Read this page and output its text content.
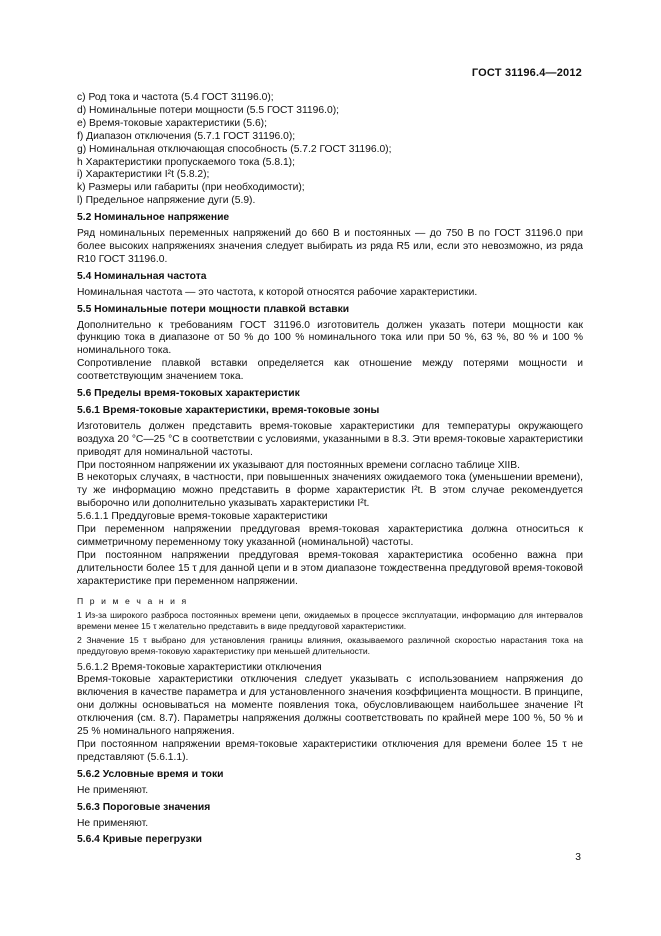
ГОСТ 31196.4—2012
c) Род тока и частота (5.4 ГОСТ 31196.0);
d) Номинальные потери мощности (5.5 ГОСТ 31196.0);
e) Время-токовые характеристики (5.6);
f) Диапазон отключения (5.7.1 ГОСТ 31196.0);
g) Номинальная отключающая способность (5.7.2 ГОСТ 31196.0);
h Характеристики пропускаемого тока (5.8.1);
i) Характеристики I²t (5.8.2);
k) Размеры или габариты (при необходимости);
l) Предельное напряжение дуги (5.9).
5.2 Номинальное напряжение

Ряд номинальных переменных напряжений до 660 В и постоянных — до 750 В по ГОСТ 31196.0 при более высоких напряжениях значения следует выбирать из ряда R5 или, если это невозможно, из ряда R10 ГОСТ 31196.0.

5.4 Номинальная частота

Номинальная частота — это частота, к которой относятся рабочие характеристики.

5.5 Номинальные потери мощности плавкой вставки

Дополнительно к требованиям ГОСТ 31196.0 изготовитель должен указать потери мощности как функцию тока в диапазоне от 50 % до 100 % номинального тока или при 50 %, 63 %, 80 % и 100 % номинального тока.

Сопротивление плавкой вставки определяется как отношение между потерями мощности и соответствующим значением тока.

5.6 Пределы время-токовых характеристик
5.6.1 Время-токовые характеристики, время-токовые зоны

Изготовитель должен представить время-токовые характеристики для температуры окружающего воздуха 20 °С—25 °С в соответствии с условиями, указанными в 8.3. Эти время-токовые характеристики приводят для номинальной частоты.

При постоянном напряжении их указывают для постоянных времени согласно таблице XIIB.

В некоторых случаях, в частности, при повышенных значениях ожидаемого тока (уменьшении времени), ту же информацию можно представить в форме характеристик I²t. В этом случае рекомендуется выборочно или дополнительно указывать характеристики I²t.

5.6.1.1 Преддуговые время-токовые характеристики

При переменном напряжении преддуговая время-токовая характеристика должна относиться к симметричному переменному току указанной (номинальной) частоты.

При постоянном напряжении преддуговая время-токовая характеристика особенно важна при длительности более 15 τ для данной цепи и в этом диапазоне тождественна преддуговой время-токовой характеристике при переменном напряжении.

П р и м е ч а н и я

1 Из-за широкого разброса постоянных времени цепи, ожидаемых в процессе эксплуатации, информацию для интервалов времени менее 15 τ желательно представить в виде преддуговой характеристики.

2 Значение 15 τ выбрано для установления границы влияния, оказываемого различной скоростью нарастания тока на преддуговую время-токовую характеристику при меньшей длительности.

5.6.1.2 Время-токовые характеристики отключения

Время-токовые характеристики отключения следует указывать с использованием напряжения до включения в качестве параметра и для установленного значения коэффициента мощности. В принципе, они должны основываться на моменте появления тока, обусловливающем наибольшее значение I²t отключения (см. 8.7). Параметры напряжения должны соответствовать по крайней мере 100 %, 50 % и 25 % номинального напряжения.

При постоянном напряжении время-токовые характеристики отключения для времени более 15 τ не представляют (5.6.1.1).

5.6.2 Условные время и токи

Не применяют.

5.6.3 Пороговые значения

Не применяют.

5.6.4 Кривые перегрузки
3
